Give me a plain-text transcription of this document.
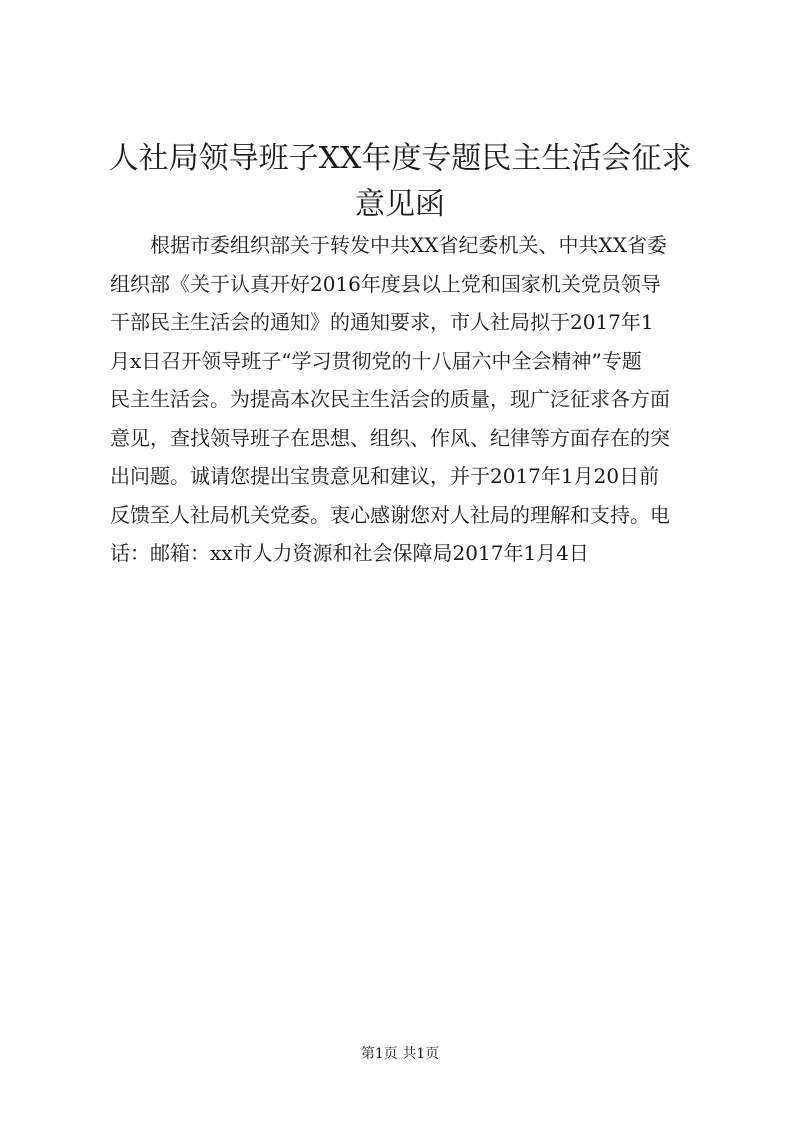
人社局领导班子XX年度专题民主生活会征求
意见函
根据市委组织部关于转发中共XX省纪委机关、中共XX省委
组织部《关于认真开好2016年度县以上党和国家机关党员领导
干部民主生活会的通知》的通知要求，市人社局拟于2017年1
月x日召开领导班子“学习贯彻党的十八届六中全会精神”专题
民主生活会。为提高本次民主生活会的质量，现广泛征求各方面
意见，查找领导班子在思想、组织、作风、纪律等方面存在的突
出问题。诚请您提出宝贵意见和建议，并于2017年1月20日前
反馈至人社局机关党委。衷心感谢您对人社局的理解和支持。电
话：邮箱：xx市人力资源和社会保障局2017年1月4日
第1页 共1页
